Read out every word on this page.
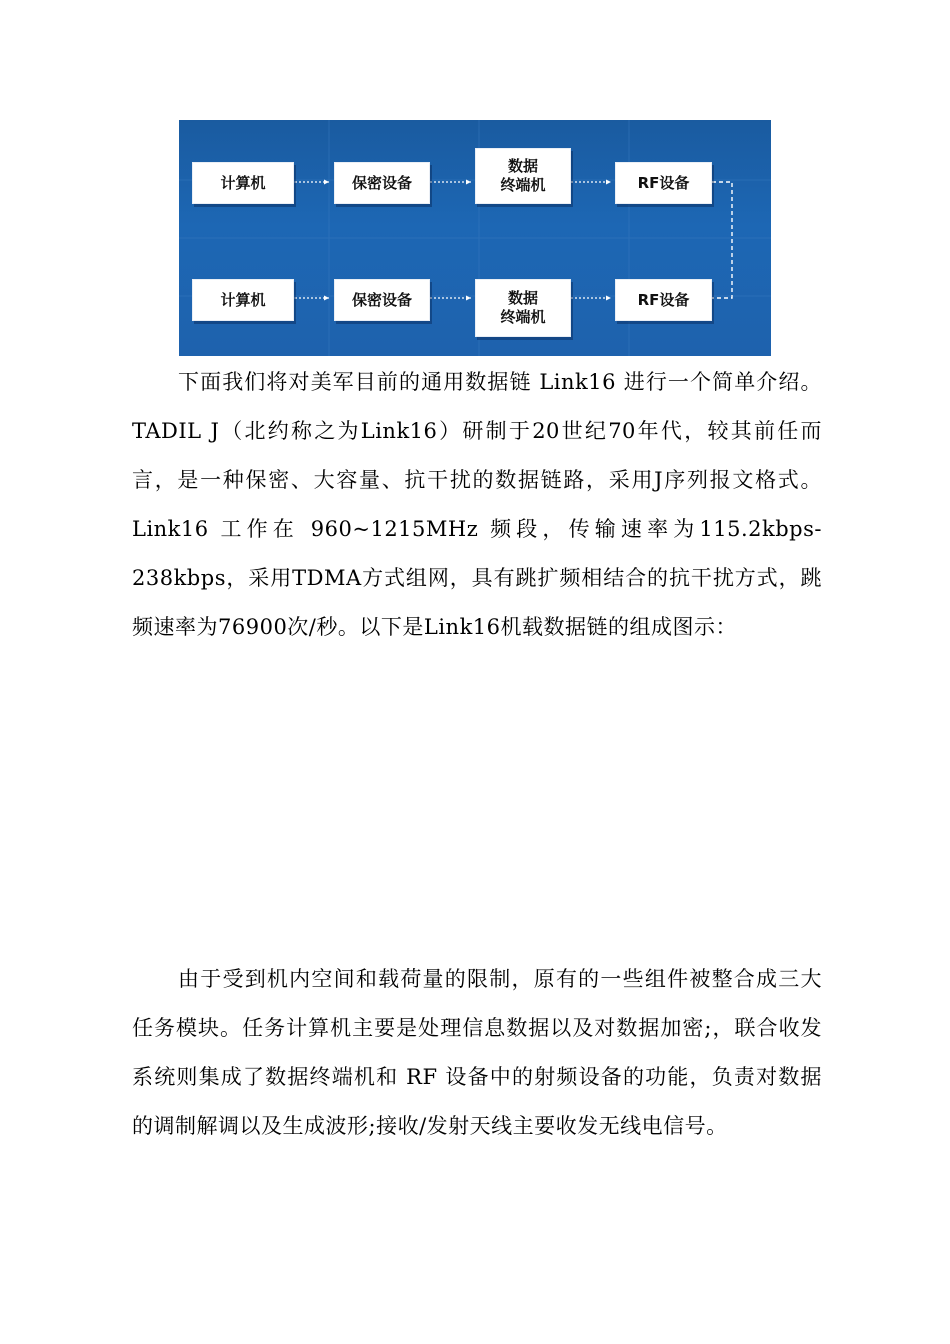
计算机	保密设备
数据
终端机	RF设备
计算机	保密设备	数据
终端机
RF设备

下面我们将对美军目前的通用数据链 Link16 进行一个简单介绍。TADIL J（北约称之为Link16）研制于20世纪70年代，较其前任而言，是一种保密、大容量、抗干扰的数据链路，采用J序列报文格式。Link16 工作在 960~1215MHz 频段，传输速率为115.2kbps-238kbps，采用TDMA方式组网，具有跳扩频相结合的抗干扰方式，跳频速率为76900次/秒。以下是Link16机载数据链的组成图示：

由于受到机内空间和载荷量的限制，原有的一些组件被整合成三大任务模块。任务计算机主要是处理信息数据以及对数据加密;，联合收发系统则集成了数据终端机和 RF 设备中的射频设备的功能，负责对数据的调制解调以及生成波形;接收/发射天线主要收发无线电信号。
